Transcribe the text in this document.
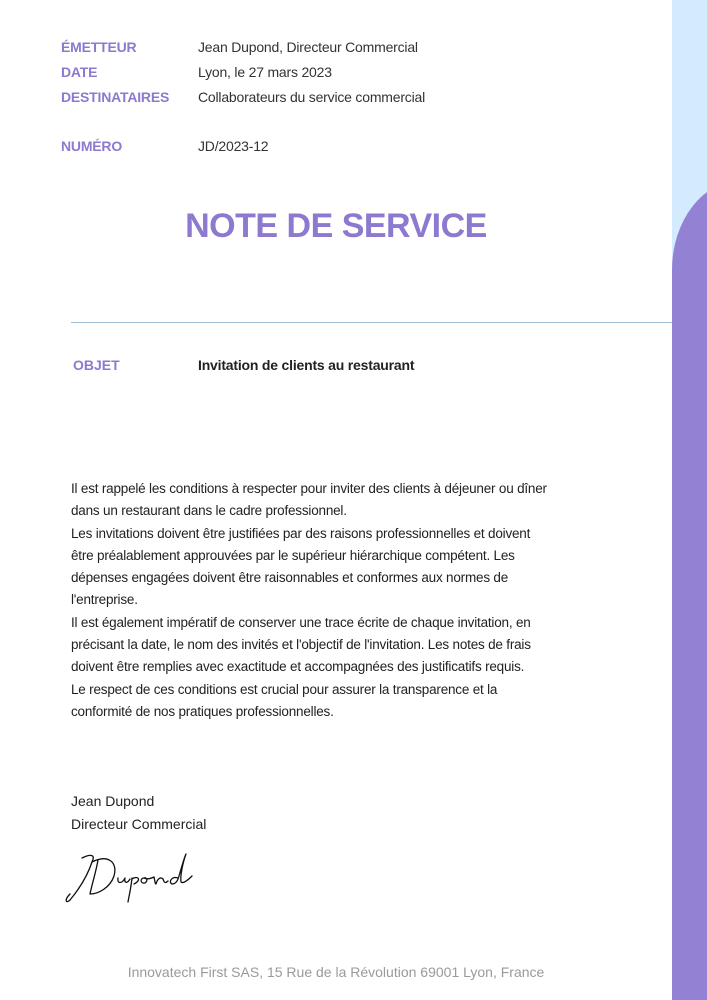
ÉMETTEUR	Jean Dupond, Directeur Commercial
DATE	Lyon, le 27 mars 2023
DESTINATAIRES Collaborateurs du service commercial
NUMÉRO	JD/2023-12
NOTE DE SERVICE
OBJET	Invitation de clients au restaurant

Il est rappelé les conditions à respecter pour inviter des clients à déjeuner ou dîner

dans un restaurant dans le cadre professionnel.

Les invitations doivent être justifiées par des raisons professionnelles et doivent

être préalablement approuvées par le supérieur hiérarchique compétent. Les

dépenses engagées doivent être raisonnables et conformes aux normes de

l'entreprise.

Il est également impératif de conserver une trace écrite de chaque invitation, en

précisant la date, le nom des invités et l'objectif de l'invitation. Les notes de frais

doivent être remplies avec exactitude et accompagnées des justificatifs requis.

Le respect de ces conditions est crucial pour assurer la transparence et la

conformité de nos pratiques professionnelles.

Jean Dupond
Directeur Commercial
Innovatech First SAS, 15 Rue de la Révolution 69001 Lyon, France
